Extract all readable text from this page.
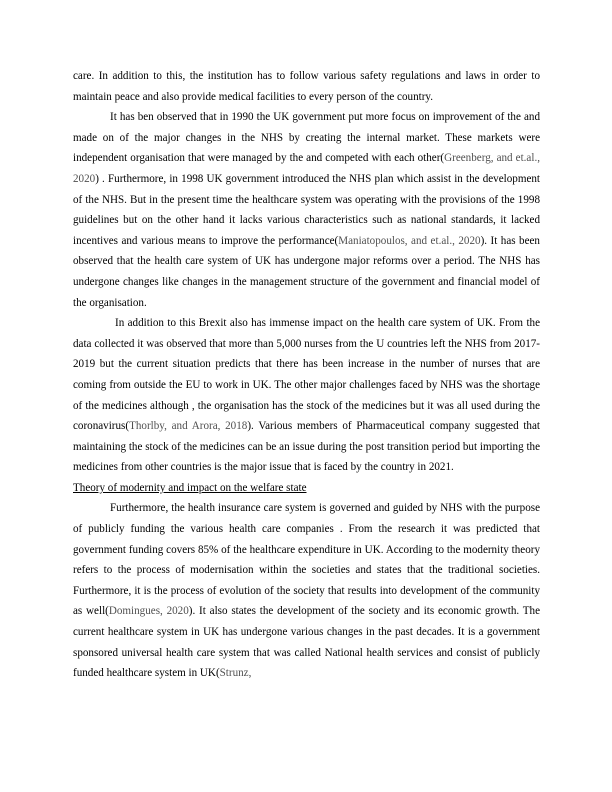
care. In addition to this, the institution has to follow various safety regulations and laws in order to maintain peace and also provide medical facilities to every person of the country.

It has ben observed that in 1990 the UK government put more focus on improvement of the and made on of the major changes in the NHS by creating the internal market. These markets were independent organisation that were managed by the and competed with each other(Greenberg, and et.al., 2020) . Furthermore, in 1998 UK government introduced the NHS plan which assist in the development of the NHS. But in the present time the healthcare system was operating with the provisions of the 1998 guidelines but on the other hand it lacks various characteristics such as national standards, it lacked incentives and various means to improve the performance(Maniatopoulos, and et.al., 2020). It has been observed that the health care system of UK has undergone major reforms over a period. The NHS has undergone changes like changes in the management structure of the government and financial model of the organisation.

In addition to this Brexit also has immense impact on the health care system of UK. From the data collected it was observed that more than 5,000 nurses from the U countries left the NHS from 2017-2019 but the current situation predicts that there has been increase in the number of nurses that are coming from outside the EU to work in UK. The other major challenges faced by NHS was the shortage of the medicines although , the organisation has the stock of the medicines but it was all used during the coronavirus(Thorlby, and Arora, 2018). Various members of Pharmaceutical company suggested that maintaining the stock of the medicines can be an issue during the post transition period but importing the medicines from other countries is the major issue that is faced by the country in 2021.

Theory of modernity and impact on the welfare state

Furthermore, the health insurance care system is governed and guided by NHS with the purpose of publicly funding the various health care companies . From the research it was predicted that government funding covers 85% of the healthcare expenditure in UK. According to the modernity theory refers to the process of modernisation within the societies and states that the traditional societies. Furthermore, it is the process of evolution of the society that results into development of the community as well(Domingues, 2020). It also states the development of the society and its economic growth. The current healthcare system in UK has undergone various changes in the past decades. It is a government sponsored universal health care system that was called National health services and consist of publicly funded healthcare system in UK(Strunz,
